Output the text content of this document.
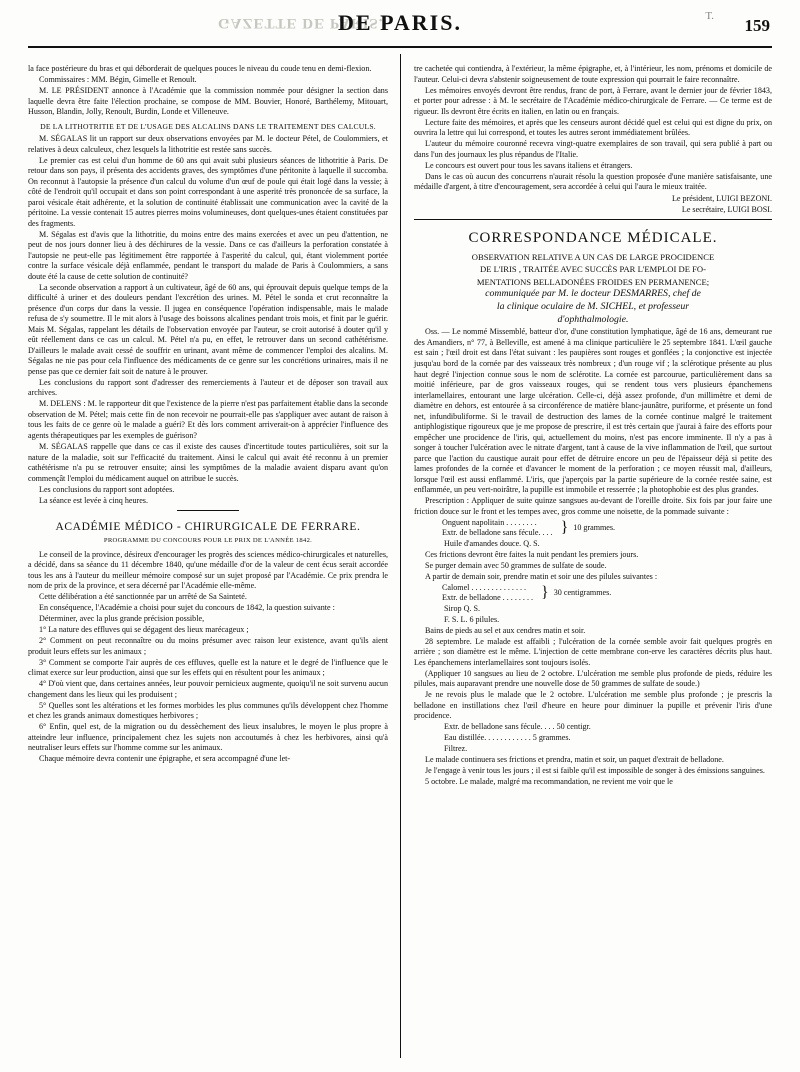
GAZETTE DE PARIS.
DE PARIS.	T. 159

la face postérieure du bras et qui déborderait de quelques pouces le niveau du coude tenu en demi-flexion.

Commissaires : MM. Bégin, Gimelle et Renoult.

M. LE PRÉSIDENT annonce à l'Académie que la commission nommée pour désigner la section dans laquelle devra être faite l'élection prochaine, se compose de MM. Bouvier, Honoré, Barthélemy, Mitouart, Husson, Blandin, Jolly, Renoult, Burdin, Londe et Villeneuve.

DE LA LITHOTRITIE ET DE L'USAGE DES ALCALINS DANS LE TRAITEMENT DES CALCULS.

M. SÉGALAS lit un rapport sur deux observations envoyées par M. le docteur Pétel, de Coulommiers, et relatives à deux calculeux, chez lesquels la lithotritie est restée sans succès.

Le premier cas est celui d'un homme de 60 ans qui avait subi plusieurs séances de lithotritie à Paris. De retour dans son pays, il présenta des accidents graves, des symptômes d'une péritonite à laquelle il succomba. On reconnut à l'autopsie la présence d'un calcul du volume d'un œuf de poule qui était logé dans la vessie; à côté de l'endroit qu'il occupait et dans son point correspondant à une asperité très prononcée de sa surface, la paroi vésicale était adhérente, et la solution de continuité établissait une communication avec la cavité de la péritoine. La vessie contenait 15 autres pierres moins volumineuses, dont quelques-unes étaient constituées par des fragments.

M. Ségalas est d'avis que la lithotritie, du moins entre des mains exercées et avec un peu d'attention, ne peut de nos jours donner lieu à des déchirures de la vessie. Dans ce cas d'ailleurs la perforation constatée à l'autopsie ne peut-elle pas légitimement être rapportée à l'asperité du calcul, qui, étant violemment portée contre la surface vésicale déjà enflammée, pendant le transport du malade de Paris à Coulommiers, a sans doute été la cause de cette solution de continuité?

La seconde observation a rapport à un cultivateur, âgé de 60 ans, qui éprouvait depuis quelque temps de la difficulté à uriner et des douleurs pendant l'excrétion des urines. M. Pétel le sonda et crut reconnaître la présence d'un corps dur dans la vessie. Il jugea en conséquence l'opération indispensable, mais le malade refusa de s'y soumettre. Il le mit alors à l'usage des boissons alcalines pendant trois mois, et finit par le guérir. Mais M. Ségalas, rappelant les détails de l'observation envoyée par l'auteur, se croit autorisé à douter qu'il y eût réellement dans ce cas un calcul. M. Pétel n'a pu, en effet, le retrouver dans un second cathétérisme. D'ailleurs le malade avait cessé de souffrir en urinant, avant même de commencer l'emploi des alcalins. M. Ségalas ne nie pas pour cela l'influence des médicaments de ce genre sur les concrétions urinaires, mais il ne pense pas que ce dernier fait soit de nature à le prouver.

Les conclusions du rapport sont d'adresser des remerciements à l'auteur et de déposer son travail aux archives.

M. DELENS : M. le rapporteur dit que l'existence de la pierre n'est pas parfaitement établie dans la seconde observation de M. Pétel; mais cette fin de non recevoir ne pourrait-elle pas s'appliquer avec autant de raison à tous les faits de ce genre où le malade a guéri? Et dès lors comment arriverait-on à apprécier l'influence des agents thérapeutiques par les exemples de guérison?

M. SÉGALAS rappelle que dans ce cas il existe des causes d'incertitude toutes particulières, soit sur la nature de la maladie, soit sur l'efficacité du traitement. Ainsi le calcul qui avait été reconnu à un premier cathétérisme n'a pu se retrouver ensuite; ainsi les symptômes de la maladie avaient disparu avant qu'on commençât l'emploi du médicament auquel on attribue le succès.

Les conclusions du rapport sont adoptées.

La séance est levée à cinq heures.

ACADÉMIE MÉDICO - CHIRURGICALE DE FERRARE.

PROGRAMME DU CONCOURS POUR LE PRIX DE L'ANNÉE 1842.

Le conseil de la province, désireux d'encourager les progrès des sciences médico-chirurgicales et naturelles, a décidé, dans sa séance du 11 décembre 1840, qu'une médaille d'or de la valeur de cent écus serait accordée tous les ans à l'auteur du meilleur mémoire composé sur un sujet proposé par l'Académie. Ce prix prendra le nom de prix de la province, et sera décerné par l'Académie elle-même.

Cette délibération a été sanctionnée par un arrêté de Sa Sainteté.

En conséquence, l'Académie a choisi pour sujet du concours de 1842, la question suivante :

Déterminer, avec la plus grande précision possible,

1° La nature des effluves qui se dégagent des lieux marécageux ;

2° Comment on peut reconnaître ou du moins présumer avec raison leur existence, avant qu'ils aient produit leurs effets sur les animaux ;

3° Comment se comporte l'air auprès de ces effluves, quelle est la nature et le degré de l'influence que le climat exerce sur leur production, ainsi que sur les effets qui en résultent pour les animaux ;

4° D'où vient que, dans certaines années, leur pouvoir pernicieux augmente, quoiqu'il ne soit survenu aucun changement dans les lieux qui les produisent ;

5° Quelles sont les altérations et les formes morbides les plus communes qu'ils développent chez l'homme et chez les grands animaux domestiques herbivores ;

6° Enfin, quel est, de la migration ou du dessèchement des lieux insalubres, le moyen le plus propre à atteindre leur influence, principalement chez les sujets non accoutumés à chez les herbivores, ainsi qu'à neutraliser leurs effets sur l'homme comme sur les animaux.

Chaque mémoire devra contenir une épigraphe, et sera accompagné d'une let-

tre cachetée qui contiendra, à l'extérieur, la même épigraphe, et, à l'intérieur, les nom, prénoms et domicile de l'auteur. Celui-ci devra s'abstenir soigneusement de toute expression qui pourrait le faire reconnaître.

Les mémoires envoyés devront être rendus, franc de port, à Ferrare, avant le dernier jour de février 1843, et porter pour adresse : à M. le secrétaire de l'Académie médico-chirurgicale de Ferrare. — Ce terme est de rigueur. Ils devront être écrits en italien, en latin ou en français.

Lecture faite des mémoires, et après que les censeurs auront décidé quel est celui qui est digne du prix, on ouvrira la lettre qui lui correspond, et toutes les autres seront immédiatement brûlées.

L'auteur du mémoire couronné recevra vingt-quatre exemplaires de son travail, qui sera publié à part ou dans l'un des journaux les plus répandus de l'Italie.

Le concours est ouvert pour tous les savans italiens et étrangers.

Dans le cas où aucun des concurrens n'aurait résolu la question proposée d'une manière satisfaisante, une médaille d'argent, à titre d'encouragement, sera accordée à celui qui l'aura le mieux traitée.

Le président, LUIGI BEZONI.

Le secrétaire, LUIGI BOSI.

CORRESPONDANCE MÉDICALE.

OBSERVATION RELATIVE A UN CAS DE LARGE PROCIDENCE

DE L'IRIS , TRAITÉE AVEC SUCCÈS PAR L'EMPLOI DE FO-

MENTATIONS BELLADONÉES FROIDES EN PERMANENCE;

communiquée par M. le docteur DESMARRES, chef de

la clinique oculaire de M. SICHEL, et professeur

d'ophthalmologie.

Oss. — Le nommé Missemblé, batteur d'or, d'une constitution lymphatique, âgé de 16 ans, demeurant rue des Amandiers, n° 77, à Belleville, est amené à ma clinique particulière le 25 septembre 1841. L'œil gauche est sain ; l'œil droit est dans l'état suivant : les paupières sont rouges et gonflées ; la conjonctive est injectée jusqu'au bord de la cornée par des vaisseaux très nombreux ; d'un rouge vif ; la sclérotique présente au plus haut degré l'injection connue sous le nom de sclérotite. La cornée est parcourue, particulièrement dans sa moitié inférieure, par de gros vaisseaux rouges, qui se rendent tous vers plusieurs épanchemens interlamellaires, entourant une large ulcération. Celle-ci, déjà assez profonde, d'un millimètre et demi de diamètre en dehors, est entourée à sa circonférence de matière blanc-jaunâtre, puriforme, et présente un fond net, infundibuliforme. Si le travail de destruction des lames de la cornée continue malgré le traitement antiphlogistique rigoureux que je me propose de prescrire, il est très certain que j'aurai à faire des efforts pour empêcher une procidence de l'iris, qui, actuellement du moins, n'est pas encore imminente. Il n'y a pas à songer à toucher l'ulcération avec le nitrate d'argent, tant à cause de la vive inflammation de l'œil, que surtout parce que l'action du caustique aurait pour effet de détruire encore un peu de l'épaisseur déjà si petite des lames profondes de la cornée et d'avancer le moment de la perforation ; ce moyen réussit mal, d'ailleurs, lorsque l'œil est aussi enflammé. L'iris, que j'aperçois par la partie supérieure de la cornée restée saine, est enflammée, un peu vert-noirâtre, la pupille est immobile et resserrée ; la photophobie est des plus grandes.

Prescription : Appliquer de suite quinze sangsues au-devant de l'oreille droite. Six fois par jour faire une friction douce sur le front et les tempes avec, gros comme une noisette, de la pommade suivante :

Onguent napolitain . . . . . . . .
Extr. de belladone sans fécule. . . . } 10 grammes.

Huile d'amandes douce. Q. S.

Ces frictions devront être faites la nuit pendant les premiers jours.

Se purger demain avec 50 grammes de sulfate de soude.

A partir de demain soir, prendre matin et soir une des pilules suivantes :

Calomel . . . . . . . . . . . . . .
Extr. de belladone . . . . . . . . } 30 centigrammes.

Sirop Q. S.

F. S. L. 6 pilules.

Bains de pieds au sel et aux cendres matin et soir.

28 septembre. Le malade est affaibli ; l'ulcération de la cornée semble avoir fait quelques progrès en arrière ; son diamètre est le même. L'injection de cette membrane con-erve les caractères décrits plus haut. Les épanchemens interlamellaires sont toujours isolés.

(Appliquer 10 sangsues au lieu de 2 octobre. L'ulcération me semble plus profonde de pieds, réduire les pilules, mais auparavant prendre une nouvelle dose de 50 grammes de sulfate de soude.)

Je ne revois plus le malade que le 2 octobre. L'ulcération me semble plus profonde ; je prescris la belladone en instillations chez l'œil d'heure en heure pour diminuer la pupille et prévenir l'iris d'une procidence.

Extr. de belladone sans fécule. . . . 50 centigr.

Eau distillée. . . . . . . . . . . . 5 grammes.

Filtrez.

Le malade continuera ses frictions et prendra, matin et soir, un paquet d'extrait de belladone.

Je l'engage à venir tous les jours ; il est si faible qu'il est impossible de songer à des émissions sanguines.

5 octobre. Le malade, malgré ma recommandation, ne revient me voir que le
